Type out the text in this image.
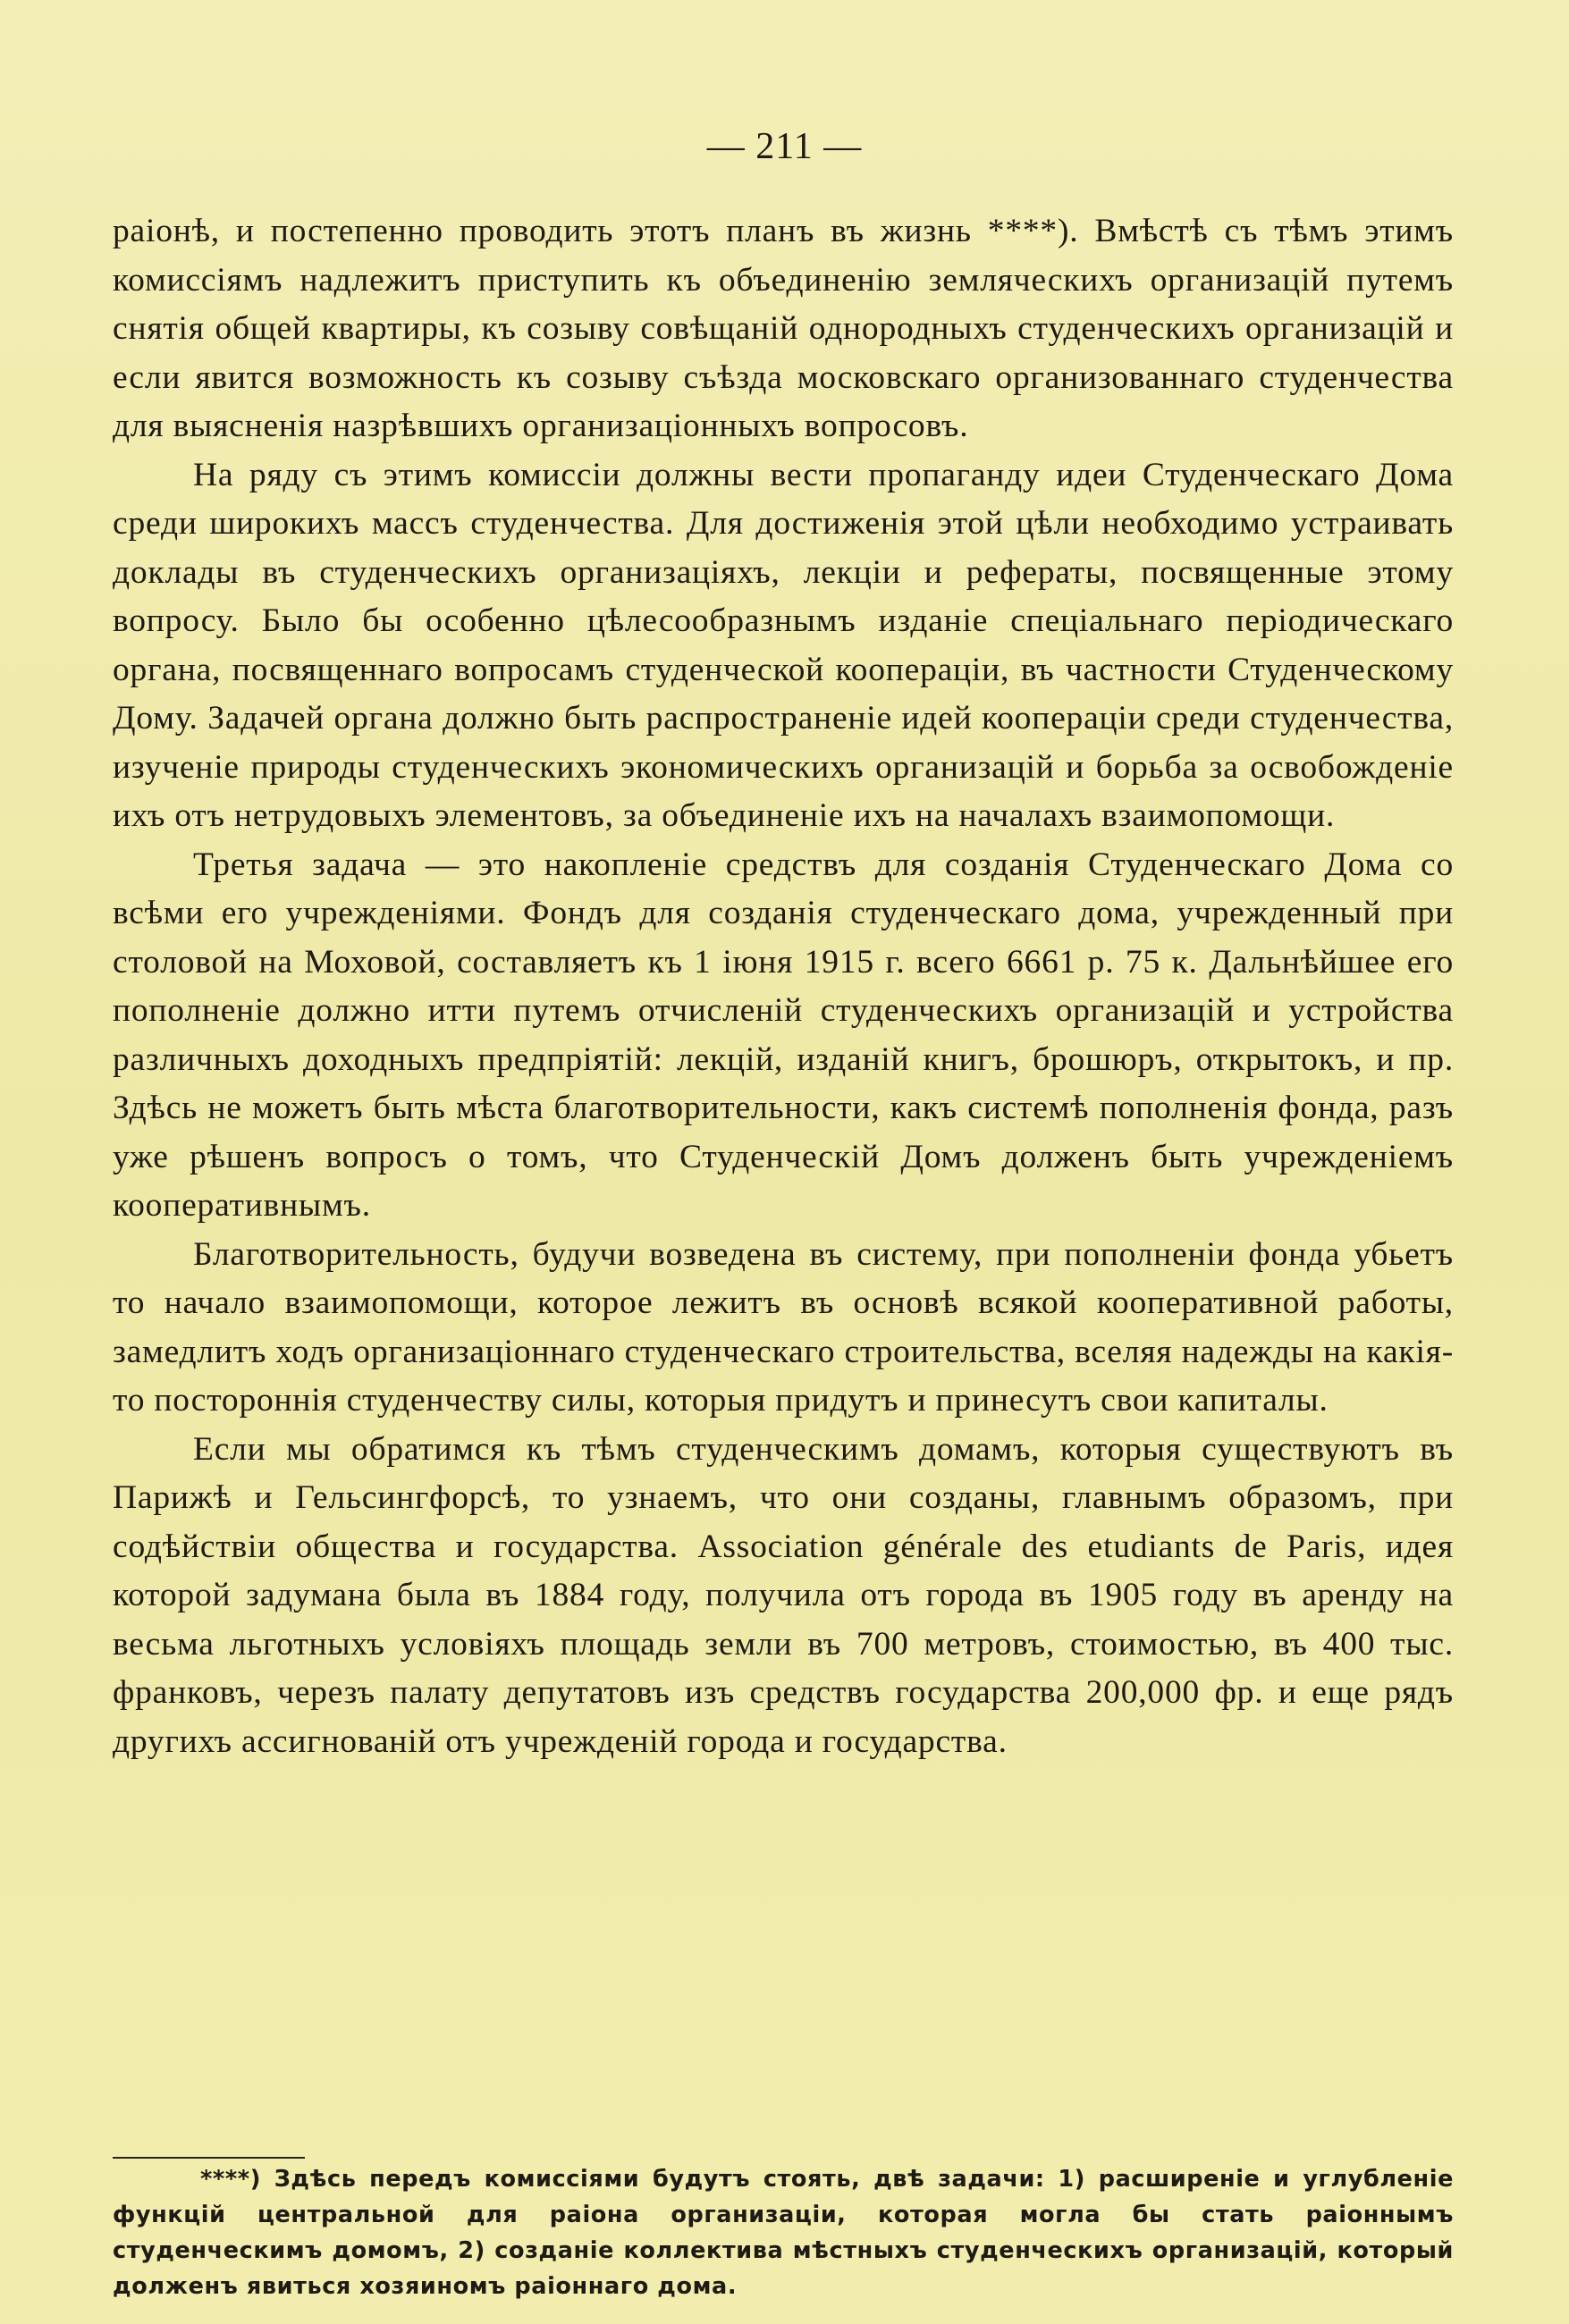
— 211 —

раіонѣ, и постепенно проводить этотъ планъ въ жизнь ****). Вмѣстѣ съ тѣмъ этимъ комиссіямъ надлежитъ приступить къ объединенію земляческихъ организацій путемъ снятія общей квартиры, къ созыву совѣщаній однородныхъ студенческихъ организацій и если явится возможность къ созыву съѣзда московскаго организованнаго студенчества для выясненія назрѣвшихъ организаціонныхъ вопросовъ.

На ряду съ этимъ комиссіи должны вести пропаганду идеи Студенческаго Дома среди широкихъ массъ студенчества. Для достиженія этой цѣли необходимо устраивать доклады въ студенческихъ организаціяхъ, лекціи и рефераты, посвященные этому вопросу. Было бы особенно цѣлесообразнымъ изданіе спеціальнаго періодическаго органа, посвященнаго вопросамъ студенческой коопераціи, въ частности Студенческому Дому. Задачей органа должно быть распространеніе идей коопераціи среди студенчества, изученіе природы студенческихъ экономическихъ организацій и борьба за освобожденіе ихъ отъ нетрудовыхъ элементовъ, за объединеніе ихъ на началахъ взаимопомощи.

Третья задача — это накопленіе средствъ для созданія Студенческаго Дома со всѣми его учрежденіями. Фондъ для созданія студенческаго дома, учрежденный при столовой на Моховой, составляетъ къ 1 іюня 1915 г. всего 6661 р. 75 к. Дальнѣйшее его пополненіе должно итти путемъ отчисленій студенческихъ организацій и устройства различныхъ доходныхъ предпріятій: лекцій, изданій книгъ, брошюръ, открытокъ, и пр. Здѣсь не можетъ быть мѣста благотворительности, какъ системѣ пополненія фонда, разъ уже рѣшенъ вопросъ о томъ, что Студенческій Домъ долженъ быть учрежденіемъ кооперативнымъ.

Благотворительность, будучи возведена въ систему, при пополненіи фонда убьетъ то начало взаимопомощи, которое лежитъ въ основѣ всякой кооперативной работы, замедлитъ ходъ организаціоннаго студенческаго строительства, вселяя надежды на какія-то постороннія студенчеству силы, которыя придутъ и принесутъ свои капиталы.

Если мы обратимся къ тѣмъ студенческимъ домамъ, которыя существуютъ въ Парижѣ и Гельсингфорсѣ, то узнаемъ, что они созданы, главнымъ образомъ, при содѣйствіи общества и государства. Association générale des etudiants de Paris, идея которой задумана была въ 1884 году, получила отъ города въ 1905 году въ аренду на весьма льготныхъ условіяхъ площадь земли въ 700 метровъ, стоимостью, въ 400 тыс. франковъ, черезъ палату депутатовъ изъ средствъ государства 200,000 фр. и еще рядъ другихъ ассигнованій отъ учрежденій города и государства.

****) Здѣсь передъ комиссіями будутъ стоять, двѣ задачи: 1) расширеніе и углубленіе функцій центральной для раіона организаціи, которая могла бы стать раіоннымъ студенческимъ домомъ, 2) созданіе коллектива мѣстныхъ студенческихъ организацій, который долженъ явиться хозяиномъ раіоннаго дома.
